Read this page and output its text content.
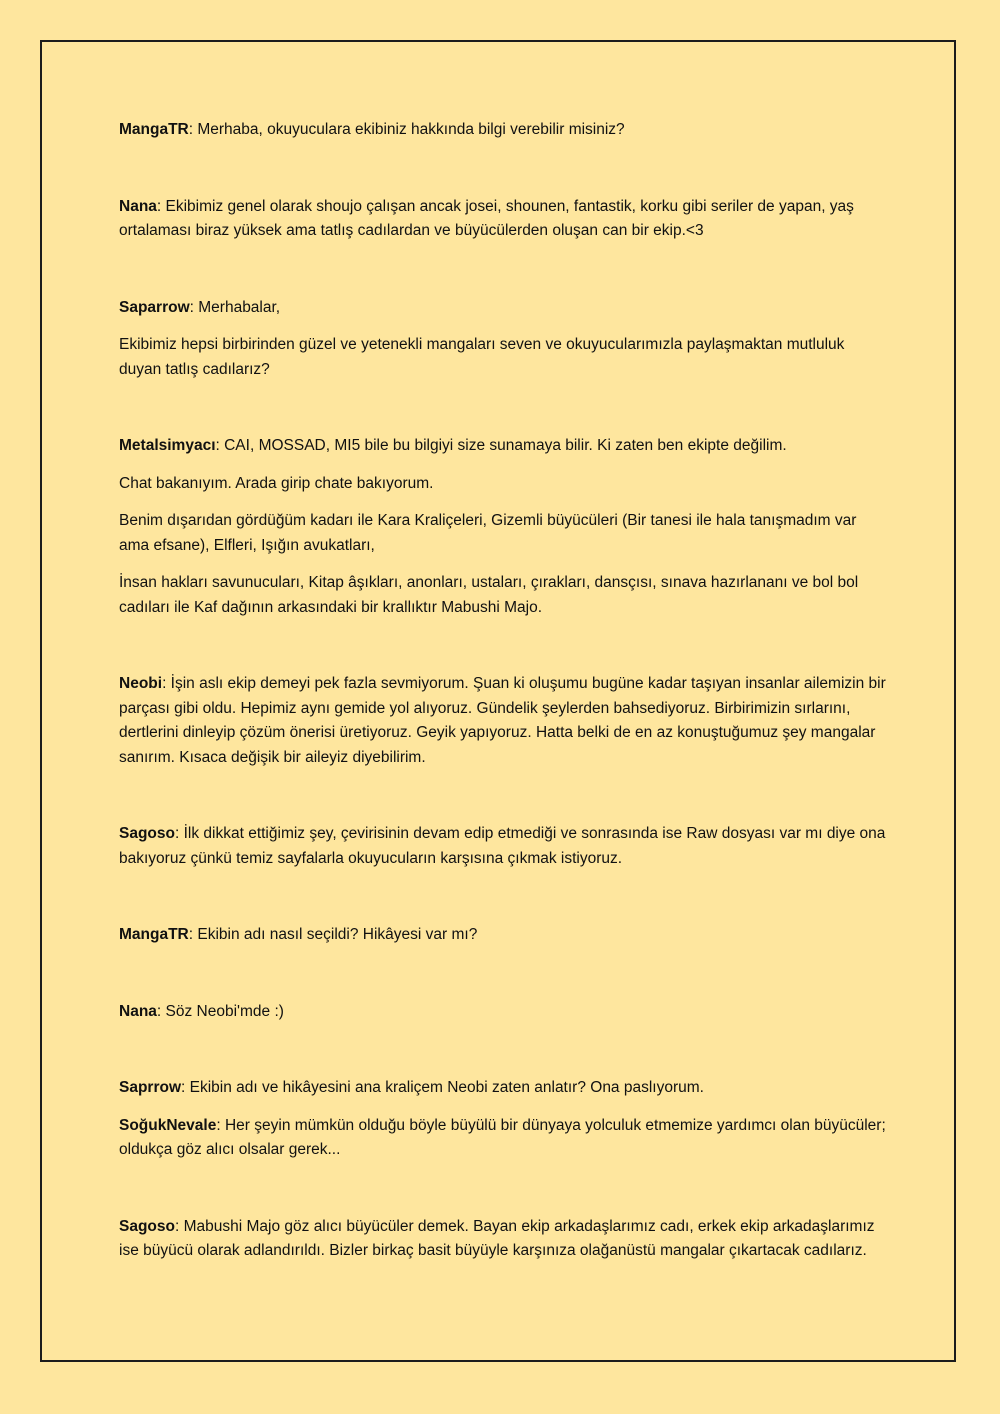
MangaTR: Merhaba, okuyuculara ekibiniz hakkında bilgi verebilir misiniz?

Nana: Ekibimiz genel olarak shoujo çalışan ancak josei, shounen, fantastik, korku gibi seriler de yapan, yaş ortalaması biraz yüksek ama tatlış cadılardan ve büyücülerden oluşan can bir ekip.<3

Saparrow: Merhabalar,

Ekibimiz hepsi birbirinden güzel ve yetenekli mangaları seven ve okuyucularımızla paylaşmaktan mutluluk duyan tatlış cadılarız?

Metalsimyacı: CAI, MOSSAD, MI5 bile bu bilgiyi size sunamaya bilir. Ki zaten ben ekipte değilim.

Chat bakanıyım. Arada girip chate bakıyorum.

Benim dışarıdan gördüğüm kadarı ile Kara Kraliçeleri, Gizemli büyücüleri (Bir tanesi ile hala tanışmadım var ama efsane), Elfleri, Işığın avukatları,

İnsan hakları savunucuları, Kitap âşıkları, anonları, ustaları, çırakları, dansçısı, sınava hazırlananı ve bol bol cadıları ile Kaf dağının arkasındaki bir krallıktır Mabushi Majo.

Neobi: İşin aslı ekip demeyi pek fazla sevmiyorum. Şuan ki oluşumu bugüne kadar taşıyan insanlar ailemizin bir parçası gibi oldu. Hepimiz aynı gemide yol alıyoruz. Gündelik şeylerden bahsediyoruz. Birbirimizin sırlarını, dertlerini dinleyip çözüm önerisi üretiyoruz. Geyik yapıyoruz. Hatta belki de en az konuştuğumuz şey mangalar sanırım. Kısaca değişik bir aileyiz diyebilirim.

Sagoso: İlk dikkat ettiğimiz şey, çevirisinin devam edip etmediği ve sonrasında ise Raw dosyası var mı diye ona bakıyoruz çünkü temiz sayfalarla okuyucuların karşısına çıkmak istiyoruz.

MangaTR: Ekibin adı nasıl seçildi? Hikâyesi var mı?

Nana: Söz Neobi'mde :)

Saprrow: Ekibin adı ve hikâyesini ana kraliçem Neobi zaten anlatır? Ona paslıyorum.

SoğukNevale: Her şeyin mümkün olduğu böyle büyülü bir dünyaya yolculuk etmemize yardımcı olan büyücüler; oldukça göz alıcı olsalar gerek...

Sagoso: Mabushi Majo göz alıcı büyücüler demek. Bayan ekip arkadaşlarımız cadı, erkek ekip arkadaşlarımız ise büyücü olarak adlandırıldı. Bizler birkaç basit büyüyle karşınıza olağanüstü mangalar çıkartacak cadılarız.
